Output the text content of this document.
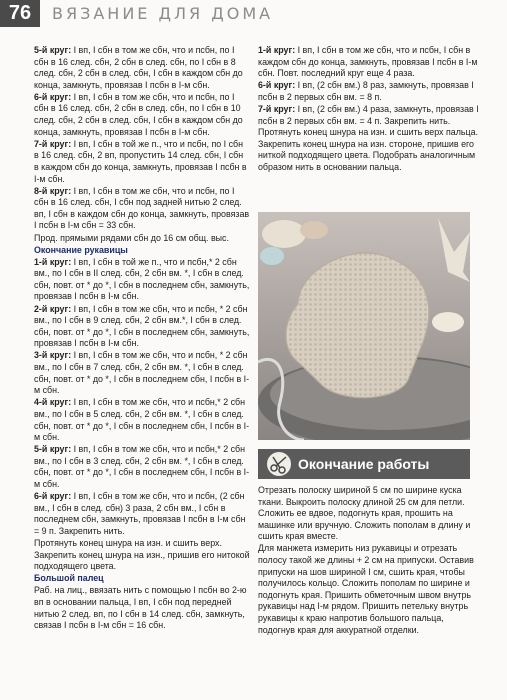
76	ВЯЗАНИЕ ДЛЯ ДОМА

5-й круг: I вп, I сбн в том же сбн, что и псбн, по I сбн в 16 след. сбн, 2 сбн в след. сбн, по I сбн в 8 след. сбн, 2 сбн в след. сбн, I сбн в каждом сбн до конца, замкнуть, провязав I псбн в I-м сбн.

6-й круг: I вп, I сбн в том же сбн, что и псбн, по I сбн в 16 след. сбн, 2 сбн в след. сбн, по I сбн в 10 след. сбн, 2 сбн в след. сбн, I сбн в каждом сбн до конца, замкнуть, провязав I псбн в I-м сбн.

7-й круг: I вп, I сбн в той же п., что и псбн, по I сбн в 16 след. сбн, 2 вп, пропустить 14 след. сбн, I сбн в каждом сбн до конца, замкнуть, провязав I псбн в I-м сбн.

8-й круг: I вп, I сбн в том же сбн, что и псбн, по I сбн в 16 след. сбн, I сбн под задней нитью 2 след. вп, I сбн в каждом сбн до конца, замкнуть, провязав I псбн в I-м сбн = 33 сбн.

Прод. прямыми рядами сбн до 16 см общ. выс.

Окончание рукавицы

1-й круг: I вп, I сбн в той же п., что и псбн,* 2 сбн вм., по I сбн в II след. сбн, 2 сбн вм. *, I сбн в след. сбн, повт. от * до *, I сбн в последнем сбн, замкнуть, провязав I псбн в I-м сбн.

2-й круг: I вп, I сбн в том же сбн, что и псбн, * 2 сбн вм., по I сбн в 9 след. сбн, 2 сбн вм.*, I сбн в след. сбн, повт. от * до *, I сбн в последнем сбн, замкнуть, провязав I псбн в I-м сбн.

3-й круг: I вп, I сбн в том же сбн, что и псбн, * 2 сбн вм., по I сбн в 7 след. сбн, 2 сбн вм. *, I сбн в след. сбн, повт. от * до *, I сбн в последнем сбн, I псбн в I-м сбн.

4-й круг: I вп, I сбн в том же сбн, что и псбн,* 2 сбн вм., по I сбн в 5 след. сбн, 2 сбн вм. *, I сбн в след. сбн, повт. от * до *, I сбн в последнем сбн, I псбн в I-м сбн.

5-й круг: I вп, I сбн в том же сбн, что и псбн,* 2 сбн вм., по I сбн в 3 след. сбн, 2 сбн вм. *, I сбн в след. сбн, повт. от * до *, I сбн в последнем сбн, I псбн в I-м сбн.

6-й круг: I вп, I сбн в том же сбн, что и псбн, (2 сбн вм., I сбн в след. сбн) 3 раза, 2 сбн вм., I сбн в последнем сбн, замкнуть, провязав I псбн в I-м сбн = 9 п. Закрепить нить.

Протянуть конец шнура на изн. и сшить верх. Закрепить конец шнура на изн., пришив его нитокой подходящего цвета.

Большой палец

Раб. на лиц., ввязать нить с помощью I псбн во 2-ю вп в основании пальца, I вп, I сбн под передней нитью 2 след. вп, по I сбн в 14 след. сбн, замкнуть, связав I псбн в I-м сбн = 16 сбн.

1-й круг: I вп, I сбн в том же сбн, что и псбн, I сбн в каждом сбн до конца, замкнуть, провязав I псбн в I-м сбн. Повт. последний круг еще 4 раза.

6-й круг: I вп, (2 сбн вм.) 8 раз, замкнуть, провязав I псбн в 2 первых сбн вм. = 8 п.

7-й круг: I вп, (2 сбн вм.) 4 раза, замкнуть, провязав I псбн в 2 первых сбн вм. = 4 п. Закрепить нить. Протянуть конец шнура на изн. и сшить верх пальца. Закрепить конец шнура на изн. стороне, пришив его ниткой подходящего цвета. Подобрать аналогичным образом нить в основании пальца.

Окончание работы

Отрезать полоску шириной 5 см по ширине куска ткани. Выкроить полоску длиной 25 см для петли. Сложить ее вдвое, подогнуть края, прошить на машинке или вручную. Сложить пополам в длину и сшить края вместе.

Для манжета измерить низ рукавицы и отрезать полосу такой же длины + 2 см на припуски. Оставив припуски на шов шириной I см, сшить края, чтобы получилось кольцо. Сложить пополам по ширине и подогнуть края. Пришить обметочным швом внутрь рукавицы над I-м рядом. Пришить петельку внутрь рукавицы к краю напротив большого пальца, подогнув края для аккуратной отделки.
